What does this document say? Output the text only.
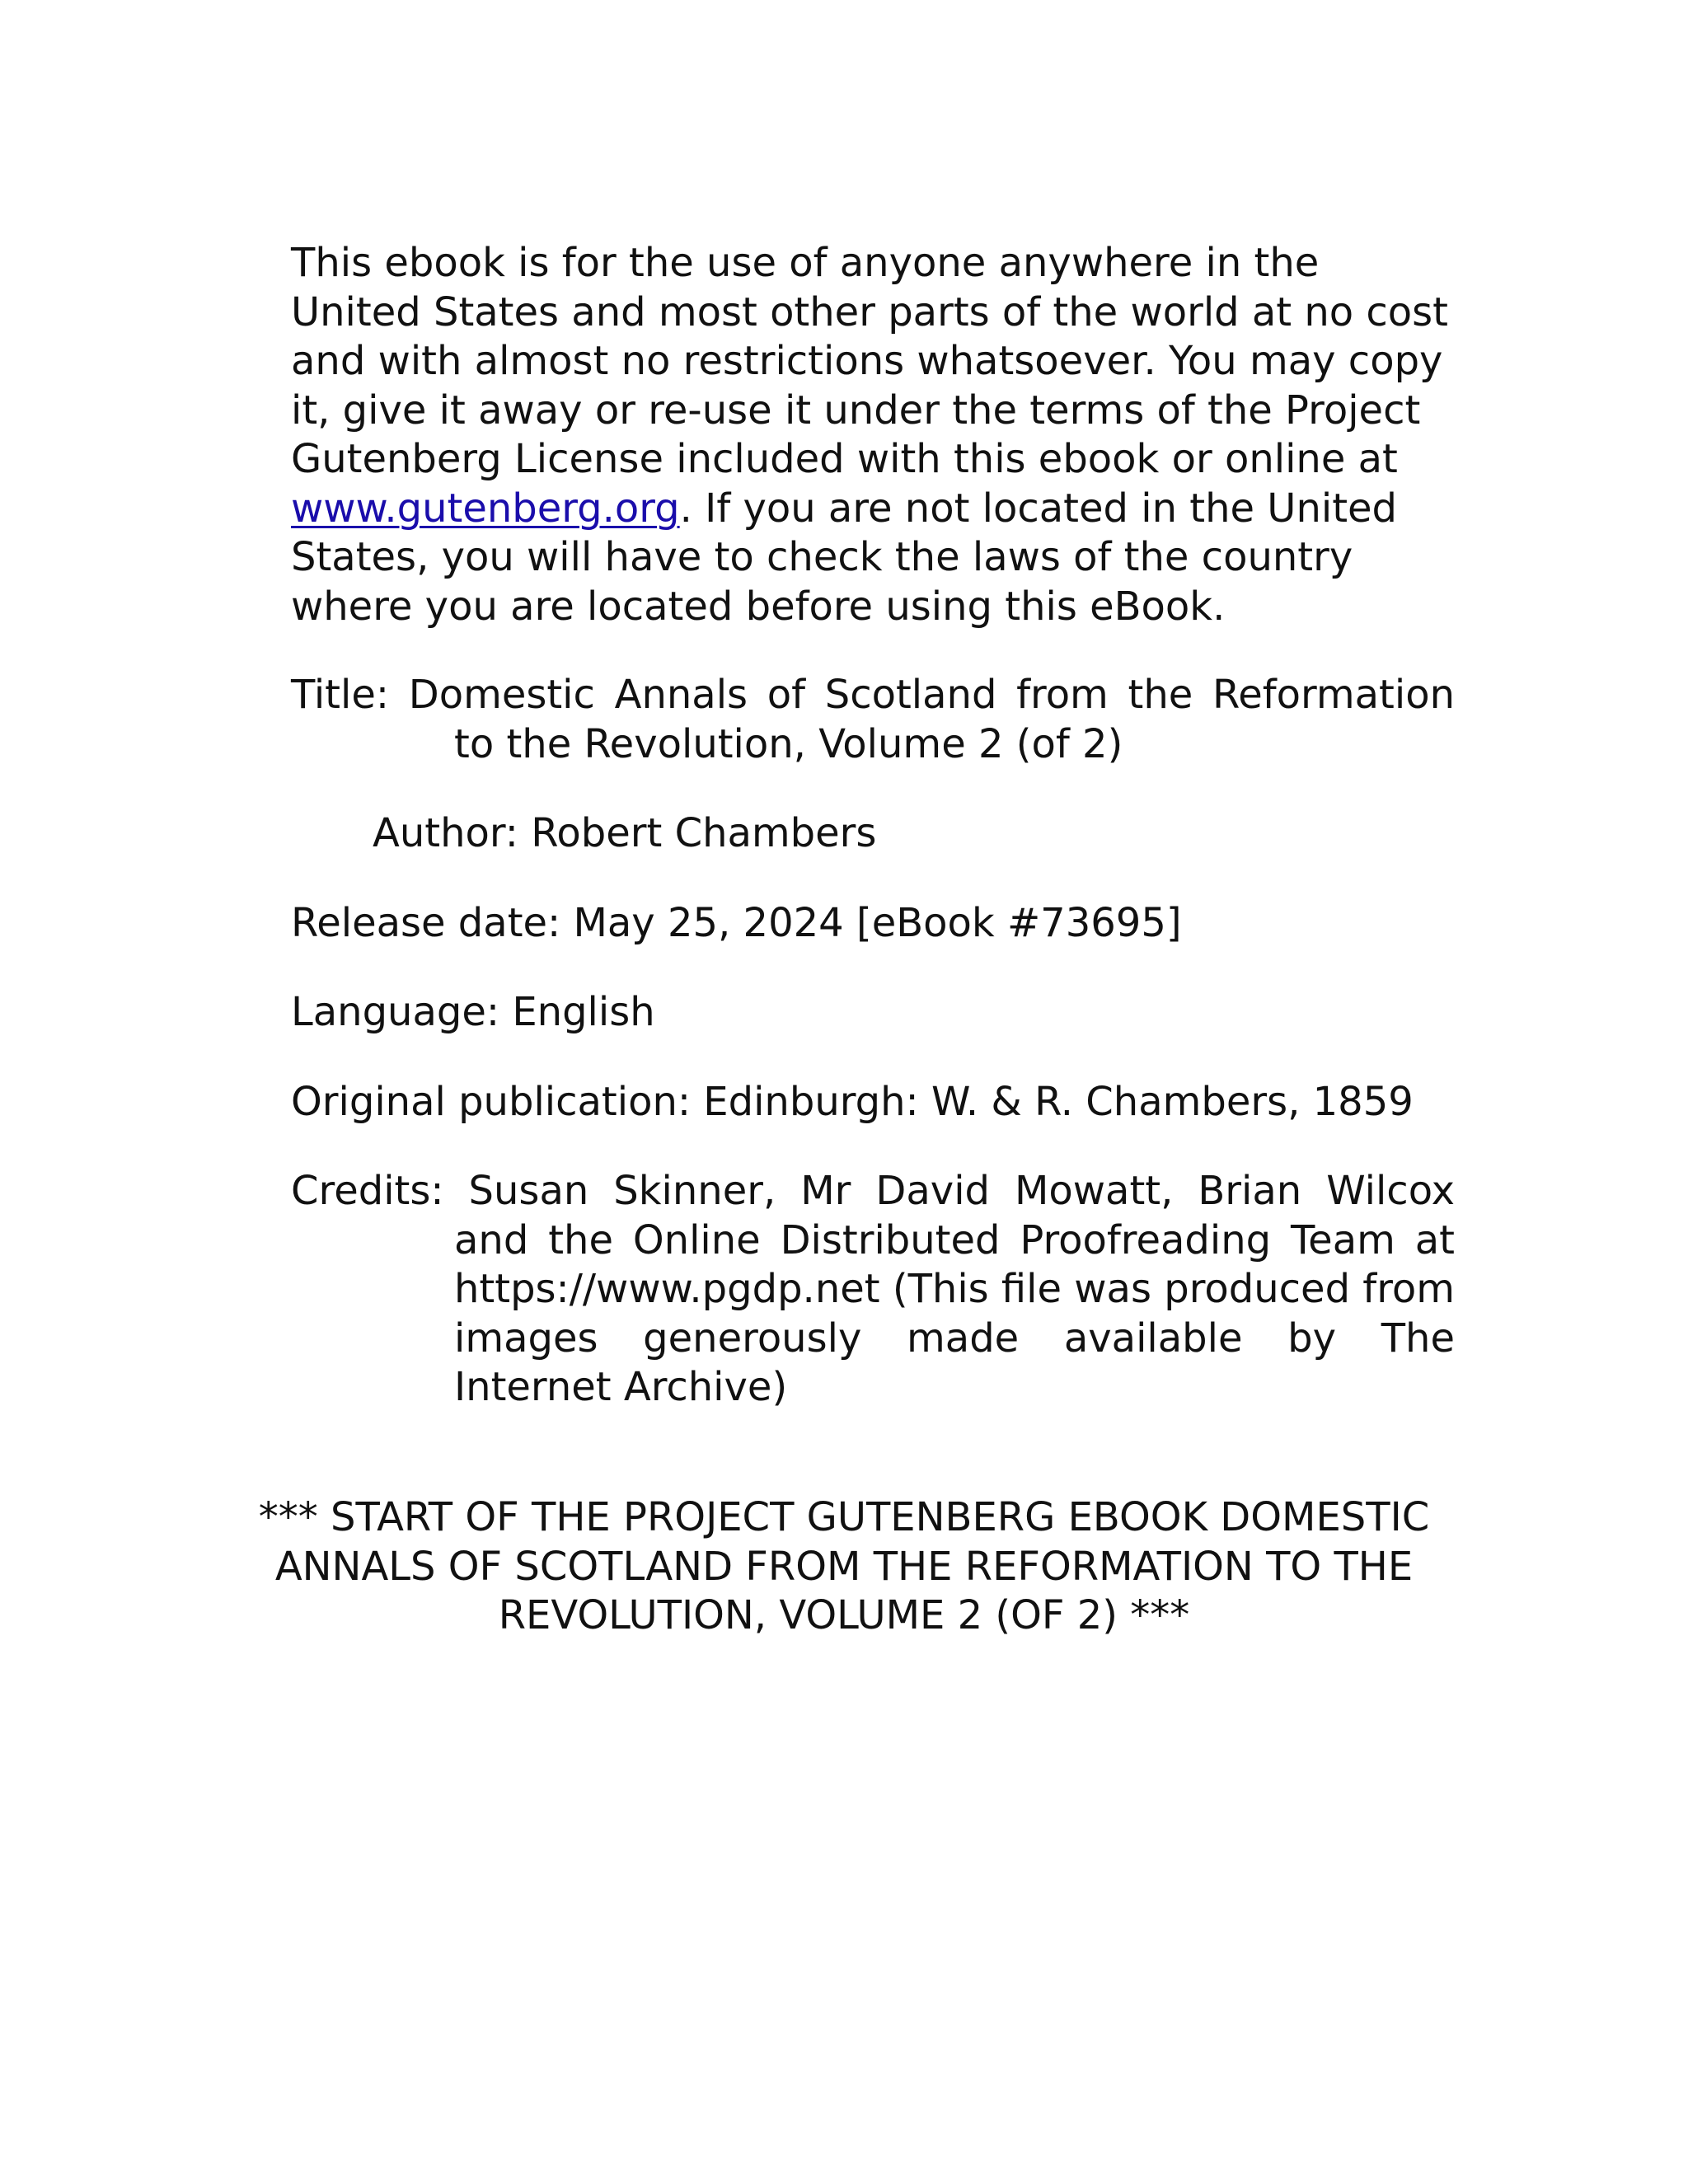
This ebook is for the use of anyone anywhere in the United States and most other parts of the world at no cost and with almost no restrictions whatsoever. You may copy it, give it away or re-use it under the terms of the Project Gutenberg License included with this ebook or online at www.gutenberg.org. If you are not located in the United States, you will have to check the laws of the country where you are located before using this eBook.

Title: Domestic Annals of Scotland from the Reformation to the Revolution, Volume 2 (of 2)

Author: Robert Chambers

Release date: May 25, 2024 [eBook #73695]

Language: English

Original publication: Edinburgh: W. & R. Chambers, 1859

Credits: Susan Skinner, Mr David Mowatt, Brian Wilcox and the Online Distributed Proofreading Team at https://www.pgdp.net (This file was produced from images generously made available by The Internet Archive)

*** START OF THE PROJECT GUTENBERG EBOOK DOMESTIC ANNALS OF SCOTLAND FROM THE REFORMATION TO THE REVOLUTION, VOLUME 2 (OF 2) ***
